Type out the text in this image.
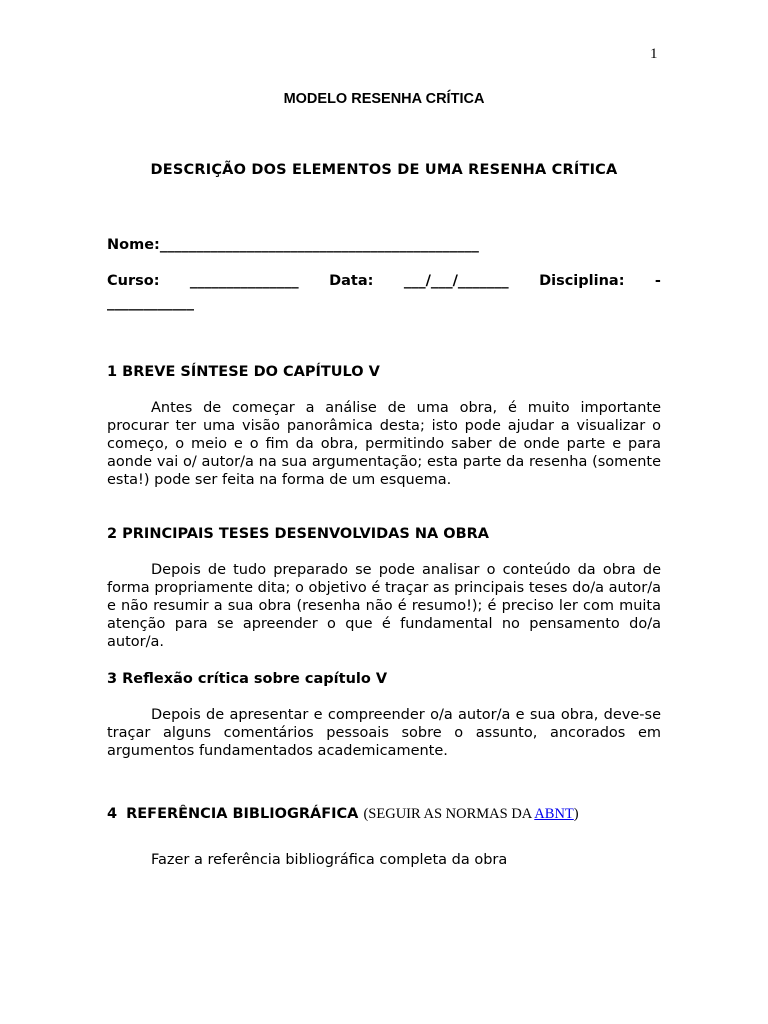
1
MODELO RESENHA CRÍTICA
DESCRIÇÃO DOS ELEMENTOS DE UMA RESENHA CRÍTICA
Nome:____________________________________________
Curso: _______________ Data: ___/___/_______ Disciplina: -
____________
1 BREVE SÍNTESE DO CAPÍTULO V

Antes de começar a análise de uma obra, é muito importante procurar ter uma visão panorâmica desta; isto pode ajudar a visualizar o começo, o meio e o fim da obra, permitindo saber de onde parte e para aonde vai o/ autor/a na sua argumentação; esta parte da resenha (somente esta!) pode ser feita na forma de um esquema.

2 PRINCIPAIS TESES DESENVOLVIDAS NA OBRA

Depois de tudo preparado se pode analisar o conteúdo da obra de forma propriamente dita; o objetivo é traçar as principais teses do/a autor/a e não resumir a sua obra (resenha não é resumo!); é preciso ler com muita atenção para se apreender o que é fundamental no pensamento do/a autor/a.

3 Reflexão crítica sobre capítulo V

Depois de apresentar e compreender o/a autor/a e sua obra, deve-se traçar alguns comentários pessoais sobre o assunto, ancorados em argumentos fundamentados academicamente.

4 REFERÊNCIA BIBLIOGRÁFICA (SEGUIR AS NORMAS DA ABNT)

Fazer a referência bibliográfica completa da obra
